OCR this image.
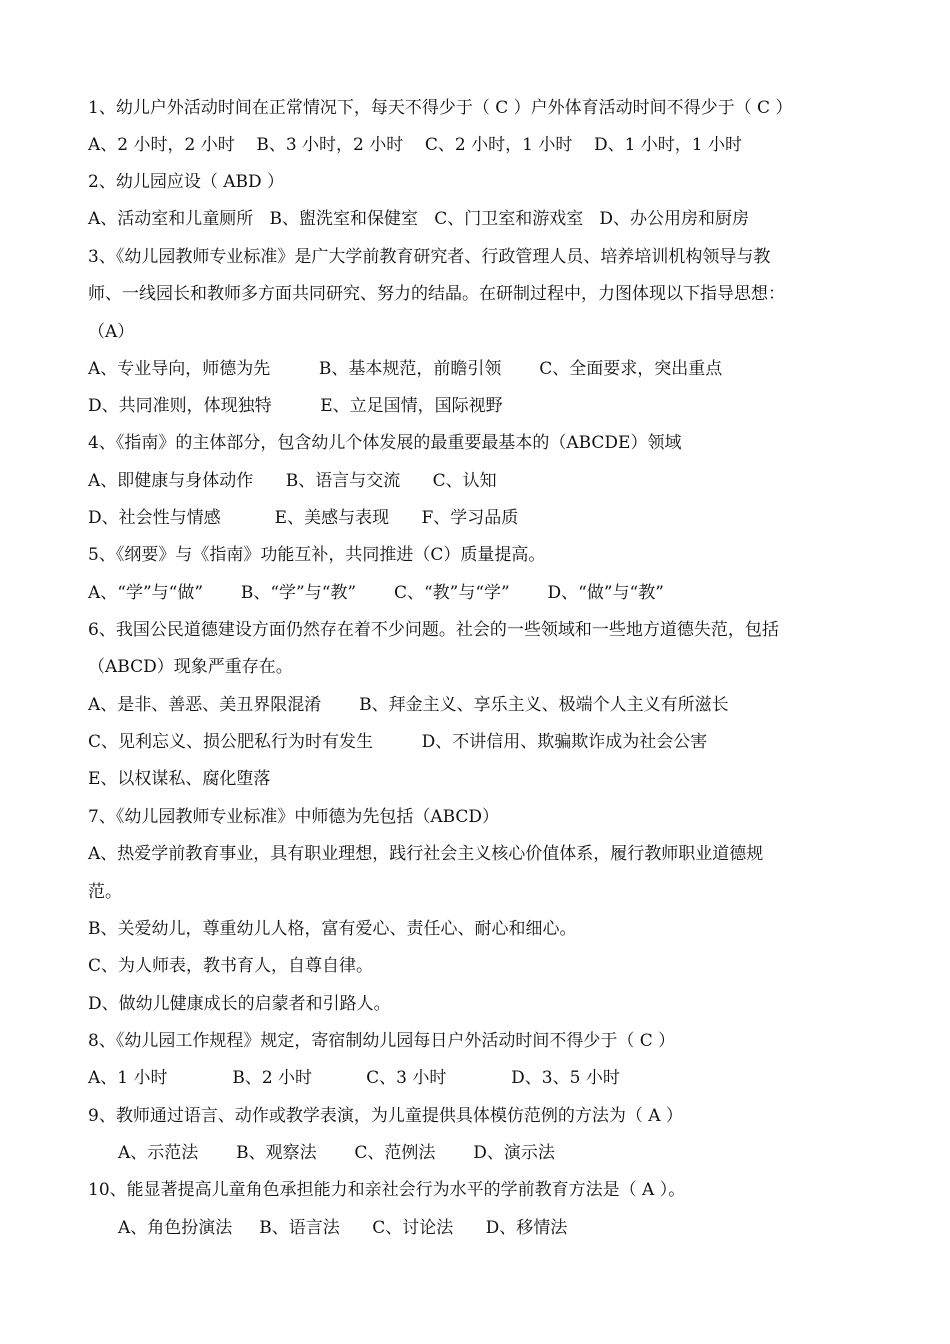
1、幼儿户外活动时间在正常情况下，每天不得少于（ C ）户外体育活动时间不得少于（ C ）
A、2 小时，2 小时    B、3 小时，2 小时    C、2 小时，1 小时    D、1 小时，1 小时
2、幼儿园应设（ ABD ）
A、活动室和儿童厕所   B、盥洗室和保健室   C、门卫室和游戏室   D、办公用房和厨房
3、《幼儿园教师专业标准》是广大学前教育研究者、行政管理人员、培养培训机构领导与教
师、一线园长和教师多方面共同研究、努力的结晶。在研制过程中，力图体现以下指导思想：
（A）
A、专业导向，师德为先         B、基本规范，前瞻引领       C、全面要求，突出重点
D、共同准则，体现独特         E、立足国情，国际视野
4、《指南》的主体部分，包含幼儿个体发展的最重要最基本的（ABCDE）领域
A、即健康与身体动作      B、语言与交流      C、认知
D、社会性与情感          E、美感与表现      F、学习品质
5、《纲要》与《指南》功能互补，共同推进（C）质量提高。
A、“学”与“做”       B、“学”与“教”       C、“教”与“学”       D、“做”与“教”
6、我国公民道德建设方面仍然存在着不少问题。社会的一些领域和一些地方道德失范，包括
（ABCD）现象严重存在。
A、是非、善恶、美丑界限混淆       B、拜金主义、享乐主义、极端个人主义有所滋长
C、见利忘义、损公肥私行为时有发生         D、不讲信用、欺骗欺诈成为社会公害
E、以权谋私、腐化堕落
7、《幼儿园教师专业标准》中师德为先包括（ABCD）
A、热爱学前教育事业，具有职业理想，践行社会主义核心价值体系，履行教师职业道德规
范。
B、关爱幼儿，尊重幼儿人格，富有爱心、责任心、耐心和细心。
C、为人师表，教书育人，自尊自律。
D、做幼儿健康成长的启蒙者和引路人。
8、《幼儿园工作规程》规定，寄宿制幼儿园每日户外活动时间不得少于（ C ）
A、1 小时            B、2 小时          C、3 小时            D、3、5 小时
9、教师通过语言、动作或教学表演，为儿童提供具体模仿范例的方法为（ A ）
A、示范法       B、观察法       C、范例法       D、演示法
10、能显著提高儿童角色承担能力和亲社会行为水平的学前教育方法是（ A ）。
A、角色扮演法     B、语言法      C、讨论法      D、移情法
